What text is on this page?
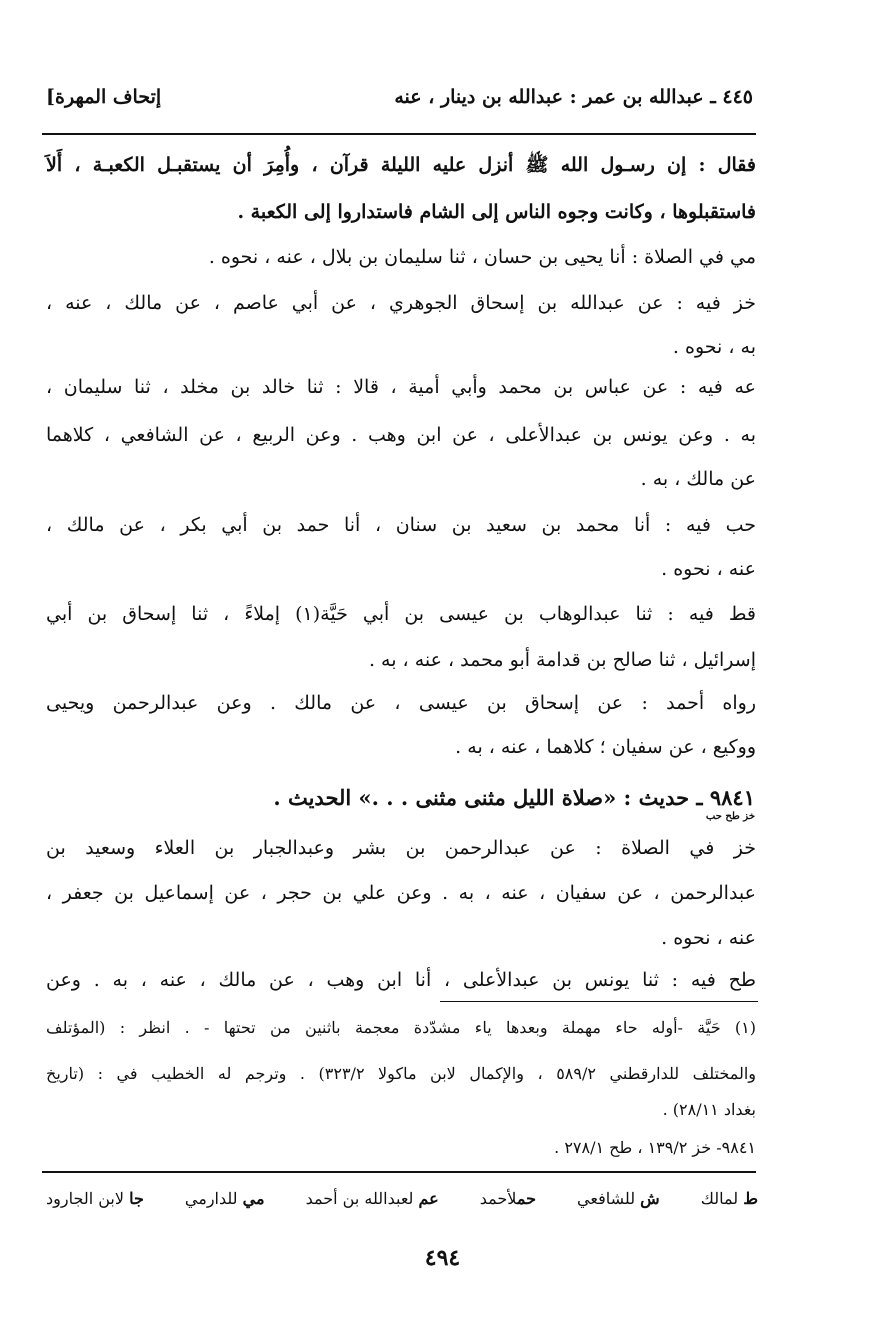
٤٤٥ ـ عبدالله بن عمر : عبدالله بن دينار ، عنه
[إتحاف المهرة
فقال : إن رسـول الله ﷺ أنزل عليه الليلة قرآن ، وأُمِرَ أن يستقبـل الكعبـة ، أَلاَ
فاستقبلوها ، وكانت وجوه الناس إلى الشام فاستداروا إلى الكعبة .
مي في الصلاة : أنا يحيى بن حسان ، ثنا سليمان بن بلال ، عنه ، نحوه .
خز فيه : عن عبدالله بن إسحاق الجوهري ، عن أبي عاصم ، عن مالك ، عنه ،
به ، نحوه .
عه فيه : عن عباس بن محمد وأبي أمية ، قالا : ثنا خالد بن مخلد ، ثنا سليمان ،
به . وعن يونس بن عبدالأعلى ، عن ابن وهب . وعن الربيع ، عن الشافعي ، كلاهما
عن مالك ، به .
حب فيه : أنا محمد بن سعيد بن سنان ، أنا حمد بن أبي بكر ، عن مالك ،
عنه ، نحوه .
قط فيه : ثنا عبدالوهاب بن عيسى بن أبي حَيَّة(١) إملاءً ، ثنا إسحاق بن أبي
إسرائيل ، ثنا صالح بن قدامة أبو محمد ، عنه ، به .
رواه أحمد : عن إسحاق بن عيسى ، عن مالك . وعن عبدالرحمن ويحيى
ووكيع ، عن سفيان ؛ كلاهما ، عنه ، به .
٩٨٤١ ـ حديث : «صلاة الليل مثنى مثنى . . .» الحديث .
خز طح حب
خز في الصلاة : عن عبدالرحمن بن بشر وعبدالجبار بن العلاء وسعيد بن
عبدالرحمن ، عن سفيان ، عنه ، به . وعن علي بن حجر ، عن إسماعيل بن جعفر ،
عنه ، نحوه .
طح فيه : ثنا يونس بن عبدالأعلى ، أنا ابن وهب ، عن مالك ، عنه ، به . وعن
(١) حَيَّة -أوله حاء مهملة وبعدها ياء مشدّدة معجمة باثنين من تحتها - . انظر : (المؤتلف
والمختلف للدارقطني ٥٨٩/٢ ، والإكمال لابن ماكولا ٣٢٣/٢) . وترجم له الخطيب في : (تاريخ
بغداد ٢٨/١١) .
٩٨٤١- خز ١٣٩/٢ ، طح ٢٧٨/١ .
ط لمالك
ش للشافعي
حملأحمد
عم لعبدالله بن أحمد
مي للدارمي
جا لابن الجارود
٤٩٤
